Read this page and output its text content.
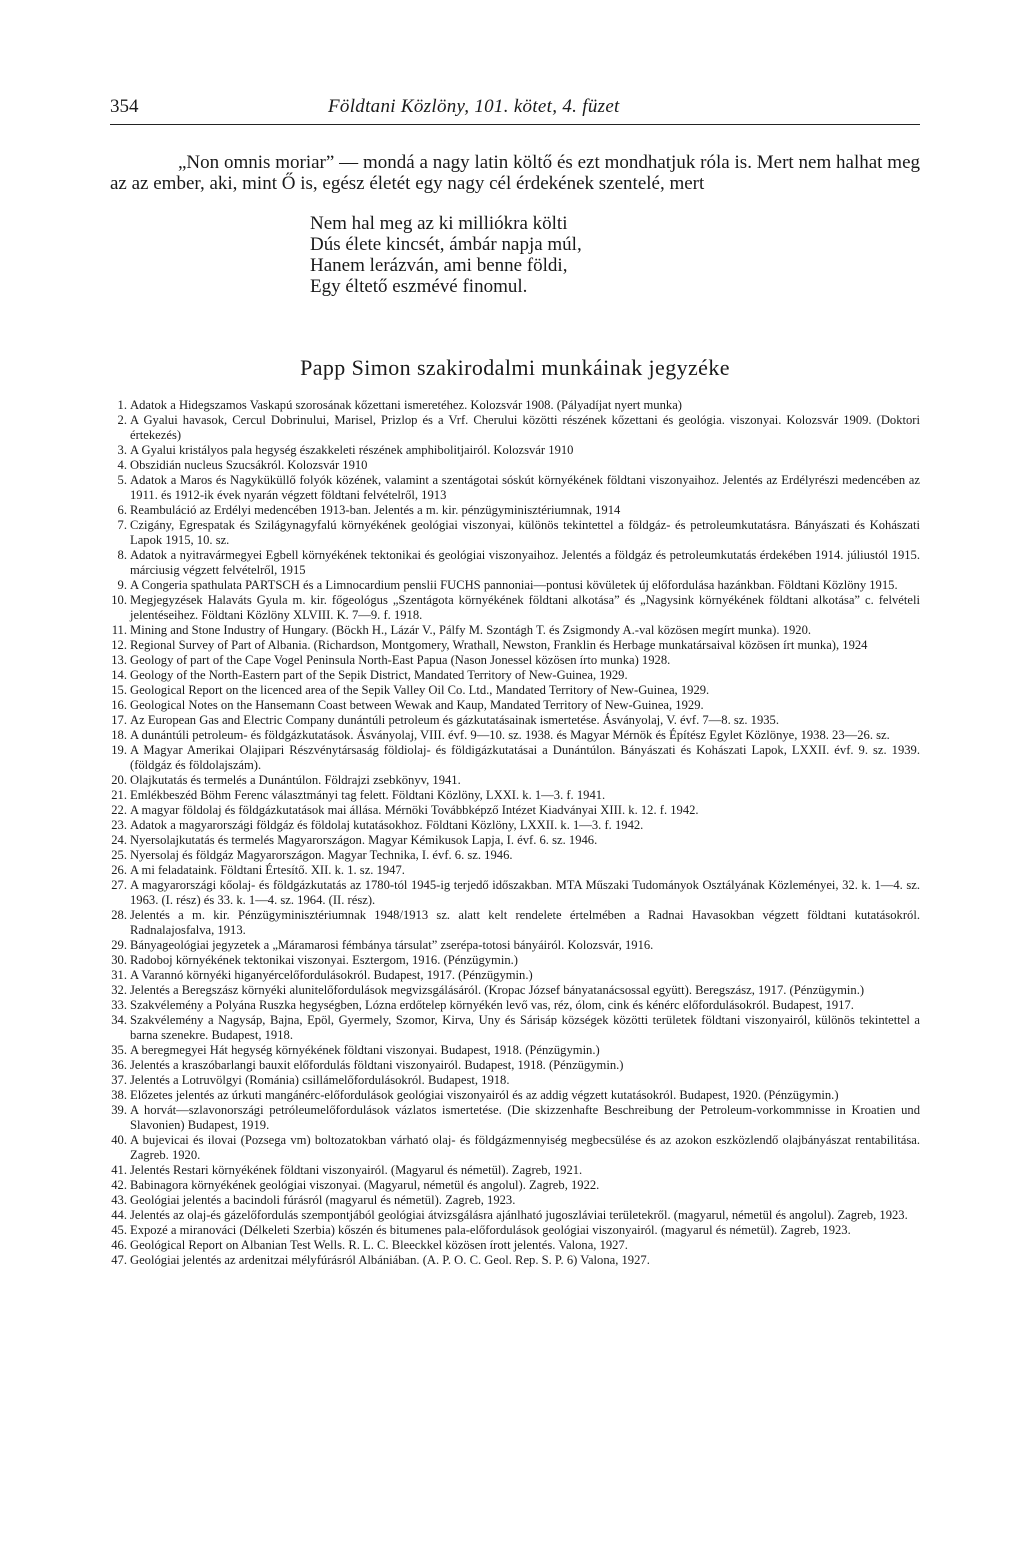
354	Földtani Közlöny, 101. kötet, 4. füzet

„Non omnis moriar” — mondá a nagy latin költő és ezt mondhatjuk róla is. Mert nem halhat meg az az ember, aki, mint Ő is, egész életét egy nagy cél érdekének szentelé, mert

Nem hal meg az ki milliókra költi
Dús élete kincsét, ámbár napja múl,
Hanem lerázván, ami benne földi,
Egy éltető eszmévé finomul.
Papp Simon szakirodalmi munkáinak jegyzéke
1. Adatok a Hidegszamos Vaskapú szorosának kőzettani ismeretéhez. Kolozsvár 1908. (Pályadíjat nyert munka)
2. A Gyalui havasok, Cercul Dobrinului, Marisel, Prizlop és a Vrf. Cherului közötti részének kőzettani és geológia. viszonyai. Kolozsvár 1909. (Doktori értekezés)
3. A Gyalui kristályos pala hegység északkeleti részének amphibolitjairól. Kolozsvár 1910
4. Obszidián nucleus Szucsákról. Kolozsvár 1910
5. Adatok a Maros és Nagyküküllő folyók közének, valamint a szentágotai sóskút környékének földtani viszonyaihoz. Jelentés az Erdélyrészi medencében az 1911. és 1912-ik évek nyarán végzett földtani felvételről, 1913
6. Reambuláció az Erdélyi medencében 1913-ban. Jelentés a m. kir. pénzügyminisztériumnak, 1914
7. Czigány, Egrespatak és Szilágynagyfalú környékének geológiai viszonyai, különös tekintettel a földgáz- és petroleumkutatásra. Bányászati és Kohászati Lapok 1915, 10. sz.
8. Adatok a nyitravármegyei Egbell környékének tektonikai és geológiai viszonyaihoz. Jelentés a földgáz és petroleumkutatás érdekében 1914. júliustól 1915. márciusig végzett felvételről, 1915
9. A Congeria spathulata PARTSCH és a Limnocardium penslii FUCHS pannoniai—pontusi kövületek új előfordulása hazánkban. Földtani Közlöny 1915.
10. Megjegyzések Halaváts Gyula m. kir. főgeológus „Szentágota környékének földtani alkotása” és „Nagysink környékének földtani alkotása” c. felvételi jelentéseihez. Földtani Közlöny XLVIII. K. 7—9. f. 1918.
11. Mining and Stone Industry of Hungary. (Böckh H., Lázár V., Pálfy M. Szontágh T. és Zsigmondy A.-val közösen megírt munka). 1920.
12. Regional Survey of Part of Albania. (Richardson, Montgomery, Wrathall, Newston, Franklin és Herbage munkatársaival közösen írt munka), 1924
13. Geology of part of the Cape Vogel Peninsula North-East Papua (Nason Jonessel közösen írto munka) 1928.
14. Geology of the North-Eastern part of the Sepik District, Mandated Territory of New-Guinea, 1929.
15. Geological Report on the licenced area of the Sepik Valley Oil Co. Ltd., Mandated Territory of New-Guinea, 1929.
16. Geological Notes on the Hansemann Coast between Wewak and Kaup, Mandated Territory of New-Guinea, 1929.
17. Az European Gas and Electric Company dunántúli petroleum és gázkutatásainak ismertetése. Ásványolaj, V. évf. 7—8. sz. 1935.
18. A dunántúli petroleum- és földgázkutatások. Ásványolaj, VIII. évf. 9—10. sz. 1938. és Magyar Mérnök és Építész Egylet Közlönye, 1938. 23—26. sz.
19. A Magyar Amerikai Olajipari Részvénytársaság földiolaj- és földigázkutatásai a Dunántúlon. Bányászati és Kohászati Lapok, LXXII. évf. 9. sz. 1939. (földgáz és földolajszám).
20. Olajkutatás és termelés a Dunántúlon. Földrajzi zsebkönyv, 1941.
21. Emlékbeszéd Böhm Ferenc választmányi tag felett. Földtani Közlöny, LXXI. k. 1—3. f. 1941.
22. A magyar földolaj és földgázkutatások mai állása. Mérnöki Továbbképző Intézet Kiadványai XIII. k. 12. f. 1942.
23. Adatok a magyarországi földgáz és földolaj kutatásokhoz. Földtani Közlöny, LXXII. k. 1—3. f. 1942.
24. Nyersolajkutatás és termelés Magyarországon. Magyar Kémikusok Lapja, I. évf. 6. sz. 1946.
25. Nyersolaj és földgáz Magyarországon. Magyar Technika, I. évf. 6. sz. 1946.
26. A mi feladataink. Földtani Értesítő. XII. k. 1. sz. 1947.
27. A magyarországi kőolaj- és földgázkutatás az 1780-tól 1945-ig terjedő időszakban. MTA Műszaki Tudományok Osztályának Közleményei, 32. k. 1—4. sz. 1963. (I. rész) és 33. k. 1—4. sz. 1964. (II. rész).
28. Jelentés a m. kir. Pénzügyminisztériumnak 1948/1913 sz. alatt kelt rendelete értelmében a Radnai Havasokban végzett földtani kutatásokról. Radnalajosfalva, 1913.
29. Bányageológiai jegyzetek a „Máramarosi fémbánya társulat” zserépa-totosi bányáiról. Kolozsvár, 1916.
30. Radoboj környékének tektonikai viszonyai. Esztergom, 1916. (Pénzügymin.)
31. A Varannó környéki higanyércelőfordulásokról. Budapest, 1917. (Pénzügymin.)
32. Jelentés a Beregszász környéki alunitelőfordulások megvizsgálásáról. (Kropac József bányatanácsossal együtt). Beregszász, 1917. (Pénzügymin.)
33. Szakvélemény a Polyána Ruszka hegységben, Lózna erdőtelep környékén levő vas, réz, ólom, cink és kénérc előfordulásokról. Budapest, 1917.
34. Szakvélemény a Nagysáp, Bajna, Epöl, Gyermely, Szomor, Kirva, Uny és Sárisáp községek közötti területek földtani viszonyairól, különös tekintettel a barna szenekre. Budapest, 1918.
35. A beregmegyei Hát hegység környékének földtani viszonyai. Budapest, 1918. (Pénzügymin.)
36. Jelentés a kraszóbarlangi bauxit előfordulás földtani viszonyairól. Budapest, 1918. (Pénzügymin.)
37. Jelentés a Lotruvölgyi (Románia) csillámelőfordulásokról. Budapest, 1918.
38. Előzetes jelentés az úrkuti mangánérc-előfordulások geológiai viszonyairól és az addig végzett kutatásokról. Budapest, 1920. (Pénzügymin.)
39. A horvát—szlavonországi petróleumelőfordulások vázlatos ismertetése. (Die skizzenhafte Beschreibung der Petroleum-vorkommnisse in Kroatien und Slavonien) Budapest, 1919.
40. A bujevicai és ilovai (Pozsega vm) boltozatokban várható olaj- és földgázmennyiség megbecsülése és az azokon eszközlendő olajbányászat rentabilitása. Zagreb. 1920.
41. Jelentés Restari környékének földtani viszonyairól. (Magyarul és németül). Zagreb, 1921.
42. Babinagora környékének geológiai viszonyai. (Magyarul, németül és angolul). Zagreb, 1922.
43. Geológiai jelentés a bacindoli fúrásról (magyarul és németül). Zagreb, 1923.
44. Jelentés az olaj-és gázelőfordulás szempontjából geológiai átvizsgálásra ajánlható jugoszláviai területekről. (magyarul, németül és angolul). Zagreb, 1923.
45. Expozé a miranováci (Délkeleti Szerbia) kőszén és bitumenes pala-előfordulások geológiai viszonyairól. (magyarul és németül). Zagreb, 1923.
46. Geológical Report on Albanian Test Wells. R. L. C. Bleeckkel közösen írott jelentés. Valona, 1927.
47. Geológiai jelentés az ardenitzai mélyfúrásról Albániában. (A. P. O. C. Geol. Rep. S. P. 6) Valona, 1927.
